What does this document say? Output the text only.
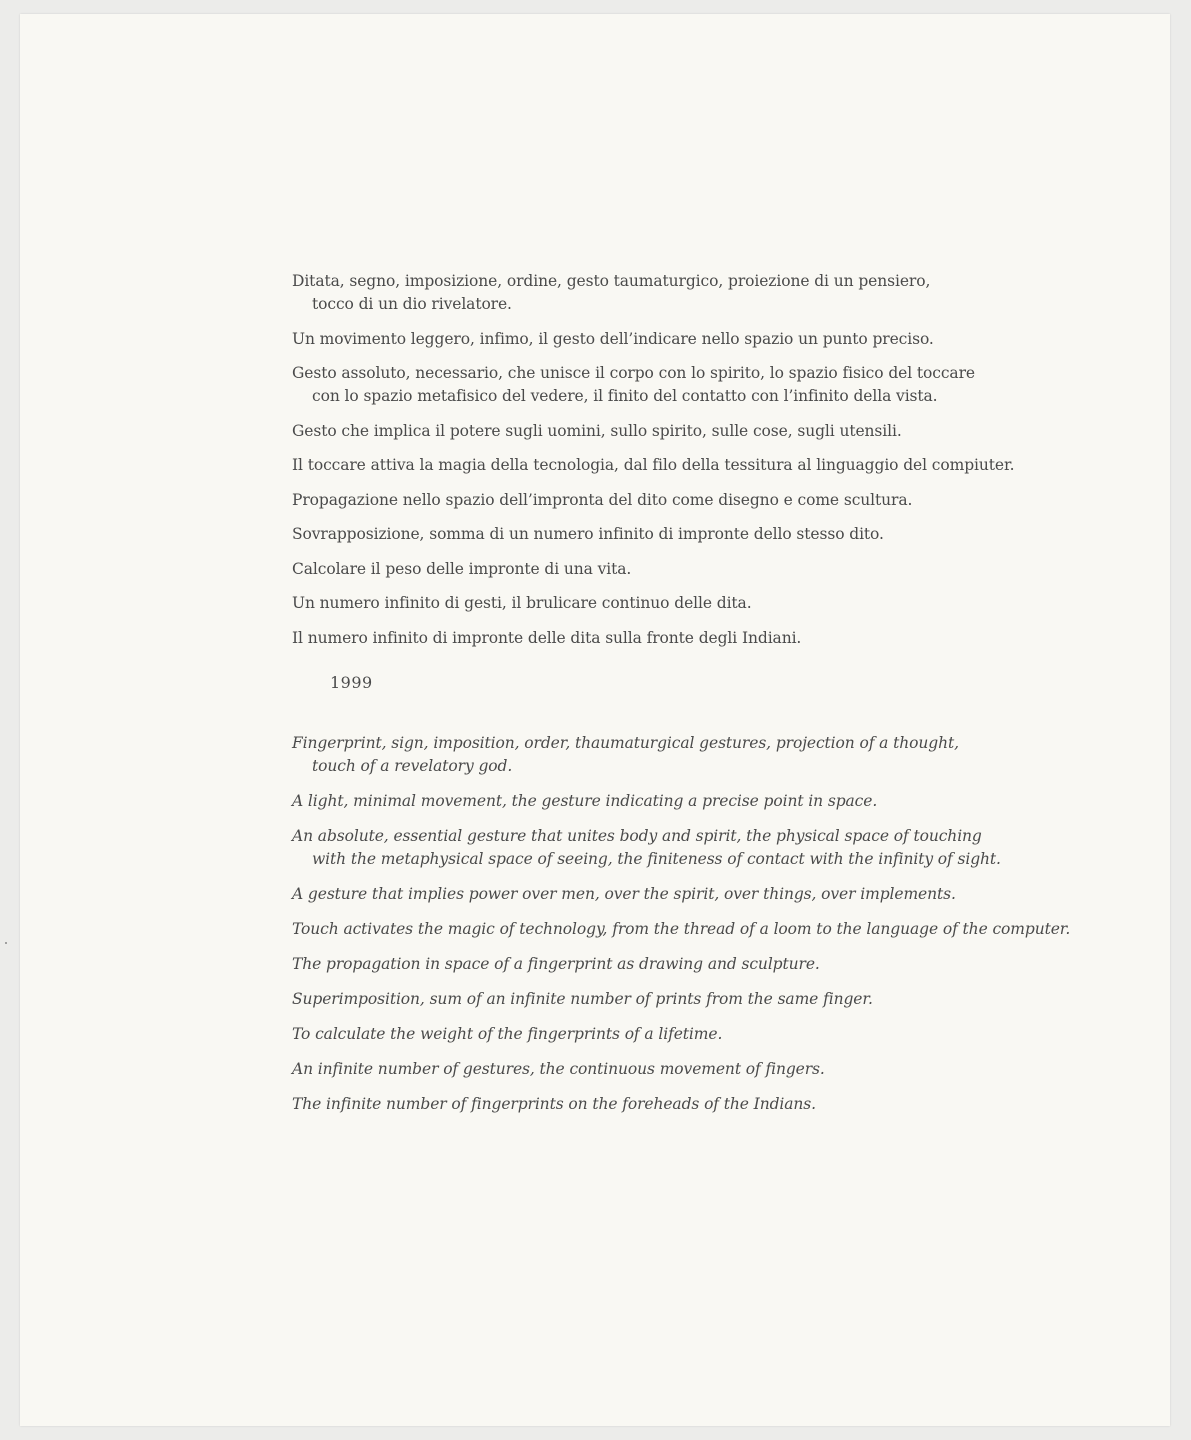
Ditata, segno, imposizione, ordine, gesto taumaturgico, proiezione di un pensiero,
tocco di un dio rivelatore.

Un movimento leggero, infimo, il gesto dell’indicare nello spazio un punto preciso.

Gesto assoluto, necessario, che unisce il corpo con lo spirito, lo spazio fisico del toccare
con lo spazio metafisico del vedere, il finito del contatto con l’infinito della vista.

Gesto che implica il potere sugli uomini, sullo spirito, sulle cose, sugli utensili.

Il toccare attiva la magia della tecnologia, dal filo della tessitura al linguaggio del compiuter.

Propagazione nello spazio dell’impronta del dito come disegno e come scultura.

Sovrapposizione, somma di un numero infinito di impronte dello stesso dito.

Calcolare il peso delle impronte di una vita.

Un numero infinito di gesti, il brulicare continuo delle dita.

Il numero infinito di impronte delle dita sulla fronte degli Indiani.

1999

Fingerprint, sign, imposition, order, thaumaturgical gestures, projection of a thought,
touch of a revelatory god.

A light, minimal movement, the gesture indicating a precise point in space.

An absolute, essential gesture that unites body and spirit, the physical space of touching
with the metaphysical space of seeing, the finiteness of contact with the infinity of sight.

A gesture that implies power over men, over the spirit, over things, over implements.

Touch activates the magic of technology, from the thread of a loom to the language of the computer.

The propagation in space of a fingerprint as drawing and sculpture.

Superimposition, sum of an infinite number of prints from the same finger.

To calculate the weight of the fingerprints of a lifetime.

An infinite number of gestures, the continuous movement of fingers.

The infinite number of fingerprints on the foreheads of the Indians.
